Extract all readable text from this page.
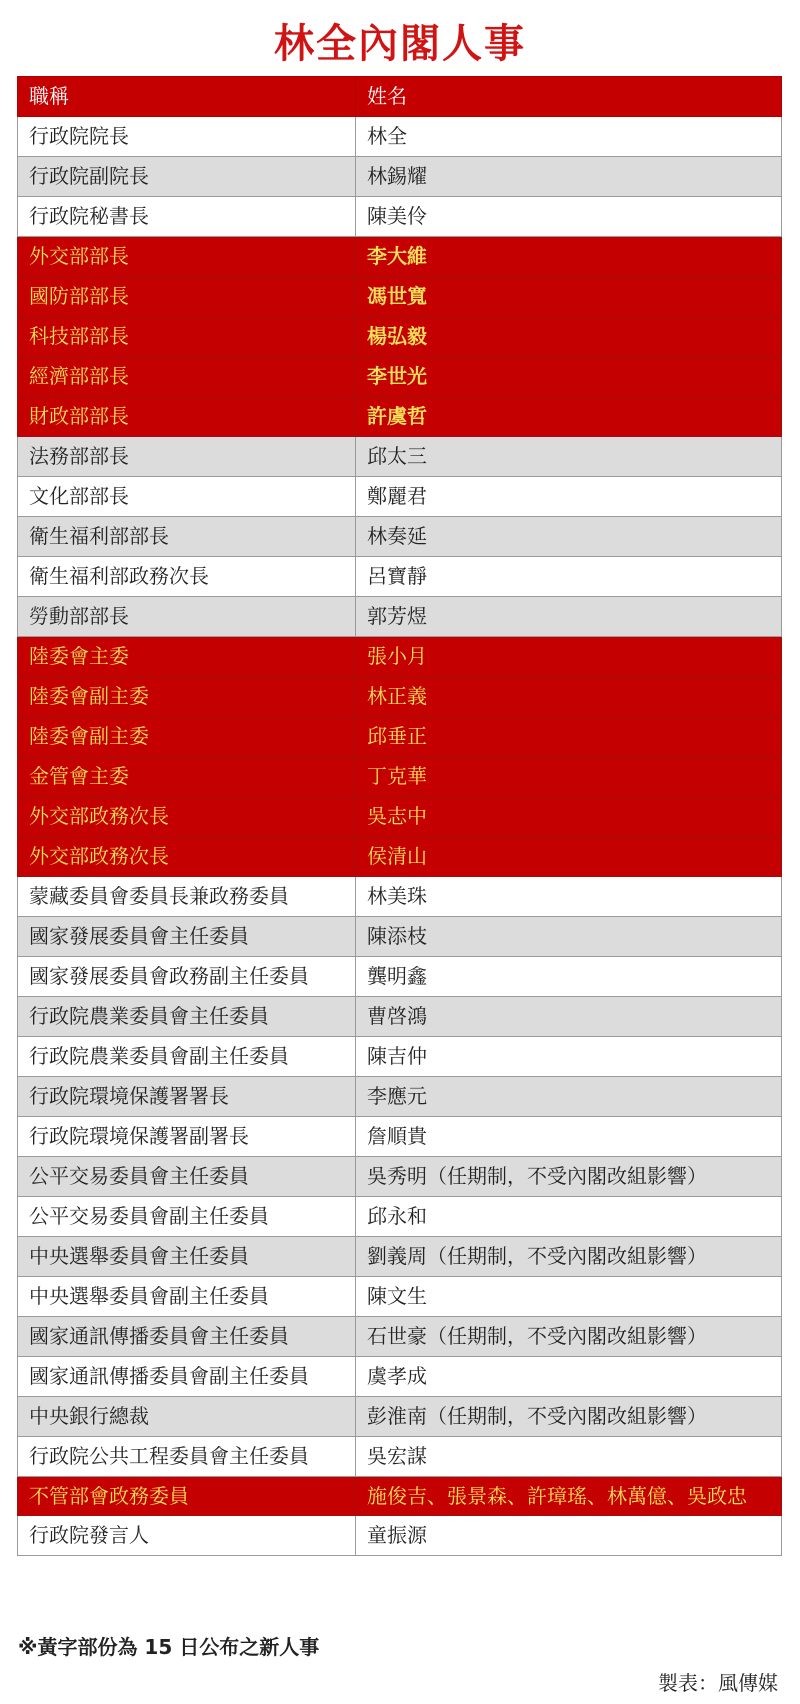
林全內閣人事
職稱	姓名
行政院院長	林全
行政院副院長	林錫耀
行政院秘書長	陳美伶
外交部部長	李大維
國防部部長	馮世寬
科技部部長	楊弘毅
經濟部部長	李世光
財政部部長	許虞哲
法務部部長	邱太三
文化部部長	鄭麗君
衛生福利部部長	林奏延
衛生福利部政務次長	呂寶靜
勞動部部長	郭芳煜
陸委會主委	張小月
陸委會副主委	林正義
陸委會副主委	邱垂正
金管會主委	丁克華
外交部政務次長	吳志中
外交部政務次長	侯清山
蒙藏委員會委員長兼政務委員	林美珠
國家發展委員會主任委員	陳添枝
國家發展委員會政務副主任委員	龔明鑫
行政院農業委員會主任委員	曹啓鴻
行政院農業委員會副主任委員	陳吉仲
行政院環境保護署署長	李應元
行政院環境保護署副署長	詹順貴
公平交易委員會主任委員	吳秀明（任期制，不受內閣改組影響）
公平交易委員會副主任委員	邱永和
中央選舉委員會主任委員	劉義周（任期制，不受內閣改組影響）
中央選舉委員會副主任委員	陳文生
國家通訊傳播委員會主任委員	石世豪（任期制，不受內閣改組影響）
國家通訊傳播委員會副主任委員	虞孝成
中央銀行總裁	彭淮南（任期制，不受內閣改組影響）
行政院公共工程委員會主任委員	吳宏謀
不管部會政務委員	施俊吉、張景森、許璋瑤、林萬億、吳政忠
行政院發言人	童振源
※黃字部份為 15 日公布之新人事
製表：風傳媒
